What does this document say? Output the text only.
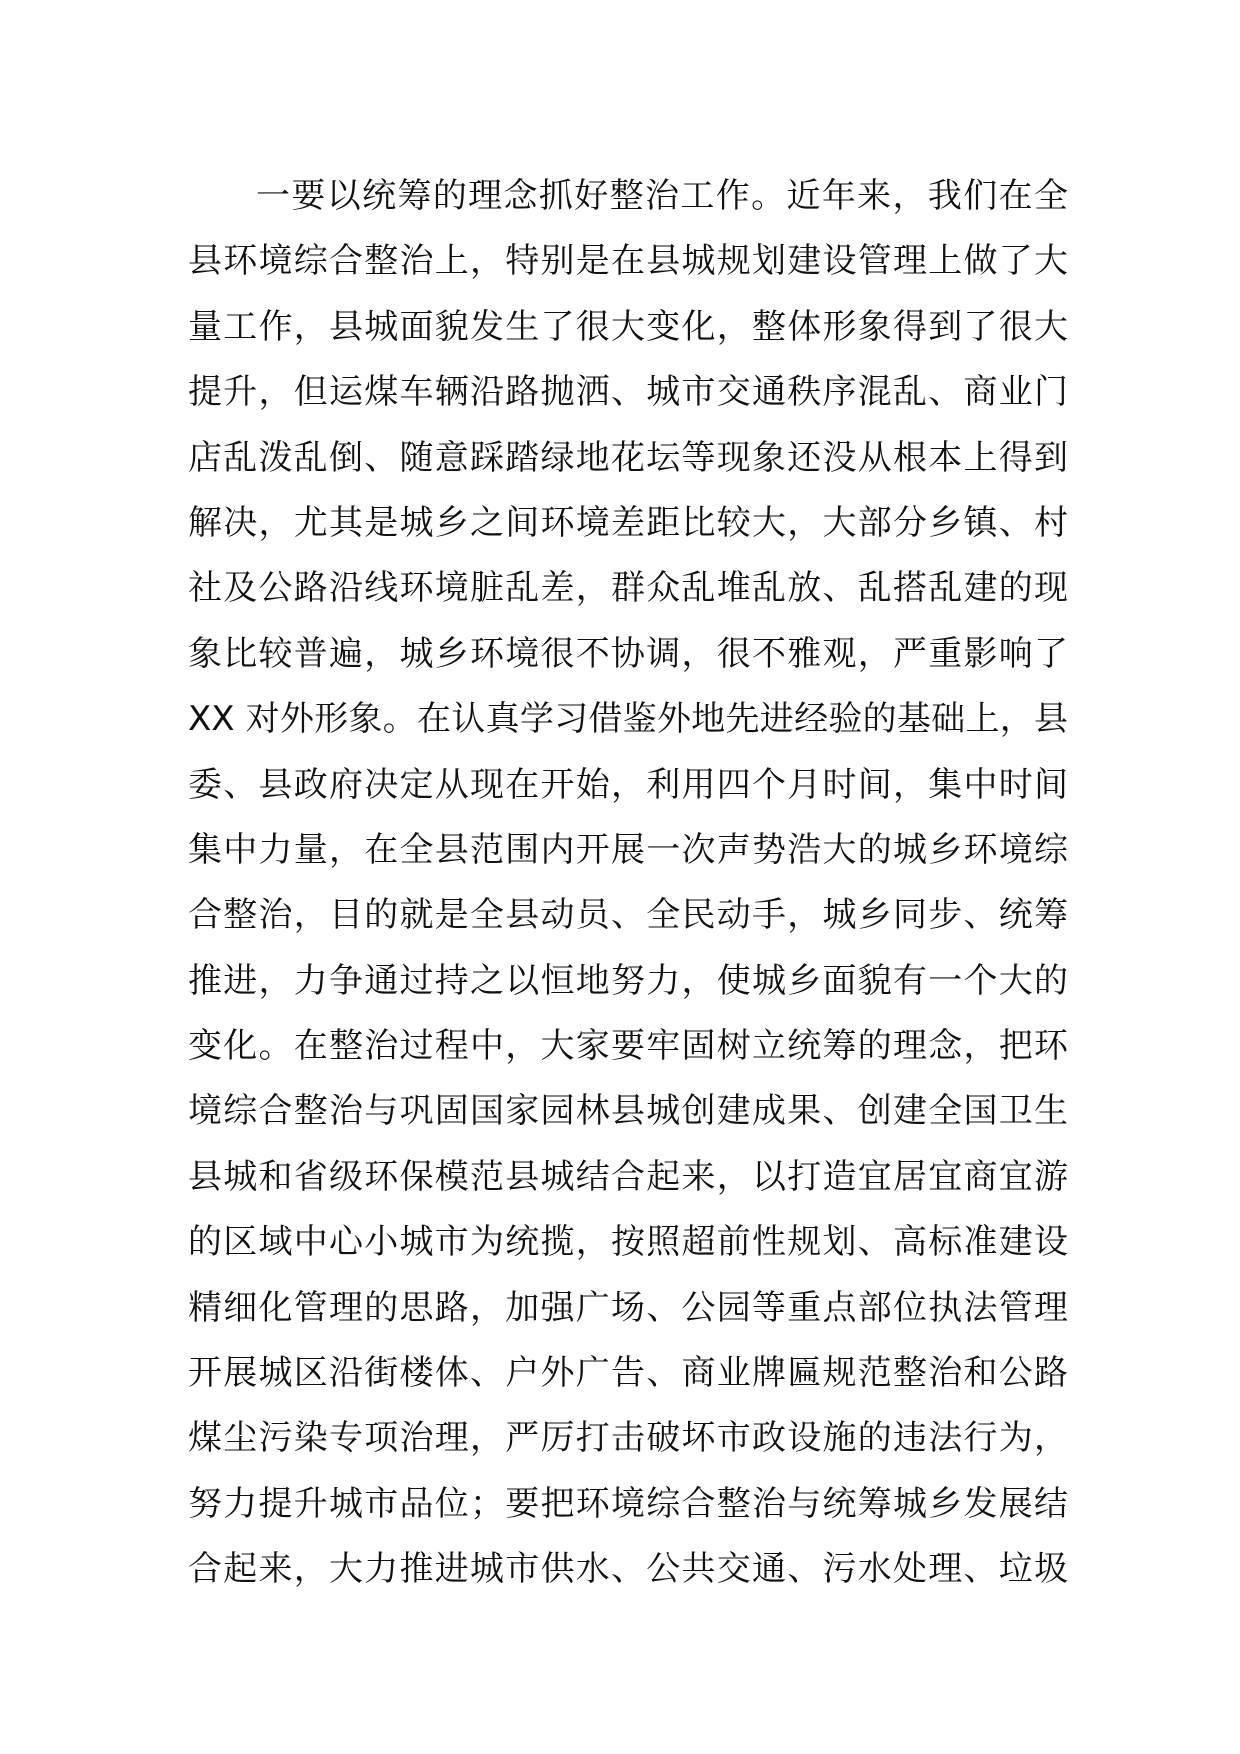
一要以统筹的理念抓好整治工作。近年来，我们在全
县环境综合整治上，特别是在县城规划建设管理上做了大
量工作，县城面貌发生了很大变化，整体形象得到了很大
提升，但运煤车辆沿路抛洒、城市交通秩序混乱、商业门
店乱泼乱倒、随意踩踏绿地花坛等现象还没从根本上得到
解决，尤其是城乡之间环境差距比较大，大部分乡镇、村
社及公路沿线环境脏乱差，群众乱堆乱放、乱搭乱建的现
象比较普遍，城乡环境很不协调，很不雅观，严重影响了
XX 对外形象。在认真学习借鉴外地先进经验的基础上，县
委、县政府决定从现在开始，利用四个月时间，集中时间
集中力量，在全县范围内开展一次声势浩大的城乡环境综
合整治，目的就是全县动员、全民动手，城乡同步、统筹
推进，力争通过持之以恒地努力，使城乡面貌有一个大的
变化。在整治过程中，大家要牢固树立统筹的理念，把环
境综合整治与巩固国家园林县城创建成果、创建全国卫生
县城和省级环保模范县城结合起来，以打造宜居宜商宜游
的区域中心小城市为统揽，按照超前性规划、高标准建设
精细化管理的思路，加强广场、公园等重点部位执法管理
开展城区沿街楼体、户外广告、商业牌匾规范整治和公路
煤尘污染专项治理，严厉打击破坏市政设施的违法行为，
努力提升城市品位；要把环境综合整治与统筹城乡发展结
合起来，大力推进城市供水、公共交通、污水处理、垃圾
